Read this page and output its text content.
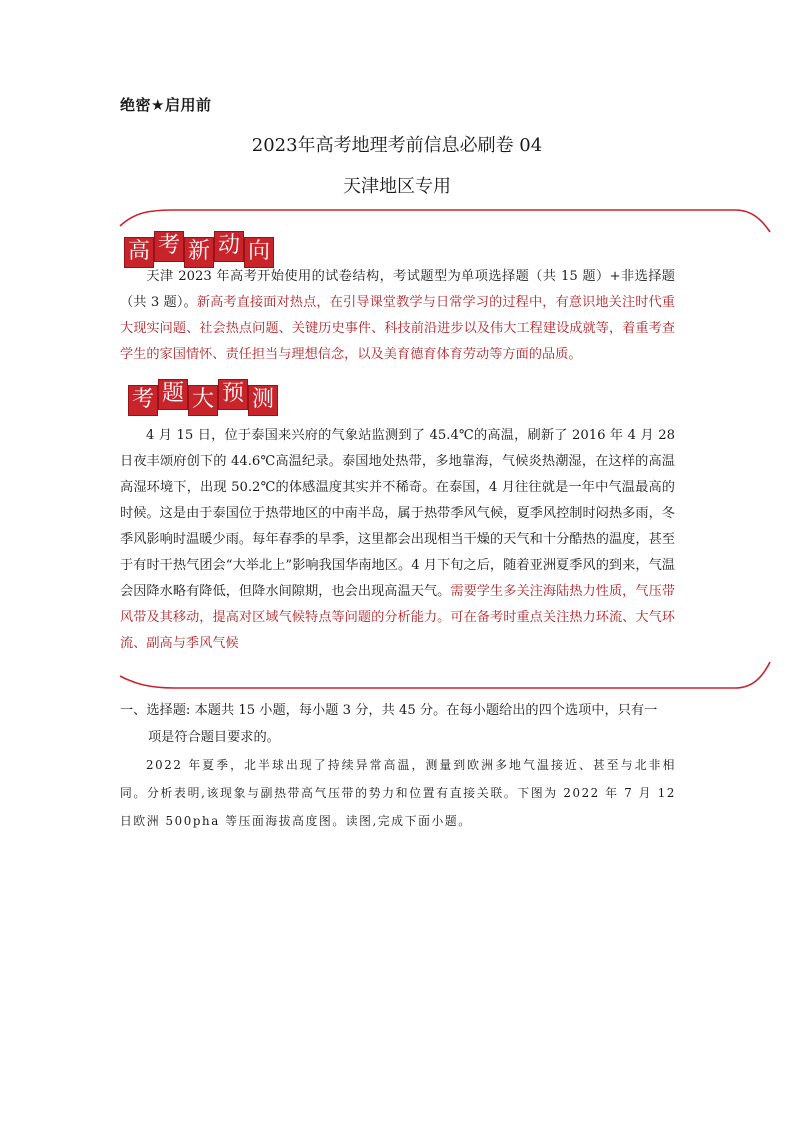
绝密★启用前
2023年高考地理考前信息必刷卷 04
天津地区专用
高 考 新 动 向
天津 2023 年高考开始使用的试卷结构，考试题型为单项选择题（共 15 题）+非选择题（共 3 题）。新高考直接面对热点，在引导课堂教学与日常学习的过程中，有意识地关注时代重大现实问题、社会热点问题、关键历史事件、科技前沿进步以及伟大工程建设成就等，着重考查学生的家国情怀、责任担当与理想信念，以及美育德育体育劳动等方面的品质。
考 题 大 预 测
4 月 15 日，位于泰国来兴府的气象站监测到了 45.4℃的高温，刷新了 2016 年 4 月 28 日夜丰颂府创下的 44.6℃高温纪录。泰国地处热带，多地靠海，气候炎热潮湿，在这样的高温高湿环境下，出现 50.2℃的体感温度其实并不稀奇。在泰国，4 月往往就是一年中气温最高的时候。这是由于泰国位于热带地区的中南半岛，属于热带季风气候，夏季风控制时闷热多雨，冬季风影响时温暖少雨。每年春季的旱季，这里都会出现相当干燥的天气和十分酷热的温度，甚至于有时干热气团会“大举北上”影响我国华南地区。4 月下旬之后，随着亚洲夏季风的到来，气温会因降水略有降低，但降水间隙期，也会出现高温天气。需要学生多关注海陆热力性质，气压带风带及其移动，提高对区域气候特点等问题的分析能力。可在备考时重点关注热力环流、大气环流、副高与季风气候
一、选择题: 本题共 15 小题，每小题 3 分，共 45 分。在每小题给出的四个选项中，只有一
项是符合题目要求的。
2022 年夏季，北半球出现了持续异常高温，测量到欧洲多地气温接近、甚至与北非相同。分析表明,该现象与副热带高气压带的势力和位置有直接关联。下图为 2022 年 7 月 12 日欧洲 500pha 等压面海拔高度图。读图,完成下面小题。
